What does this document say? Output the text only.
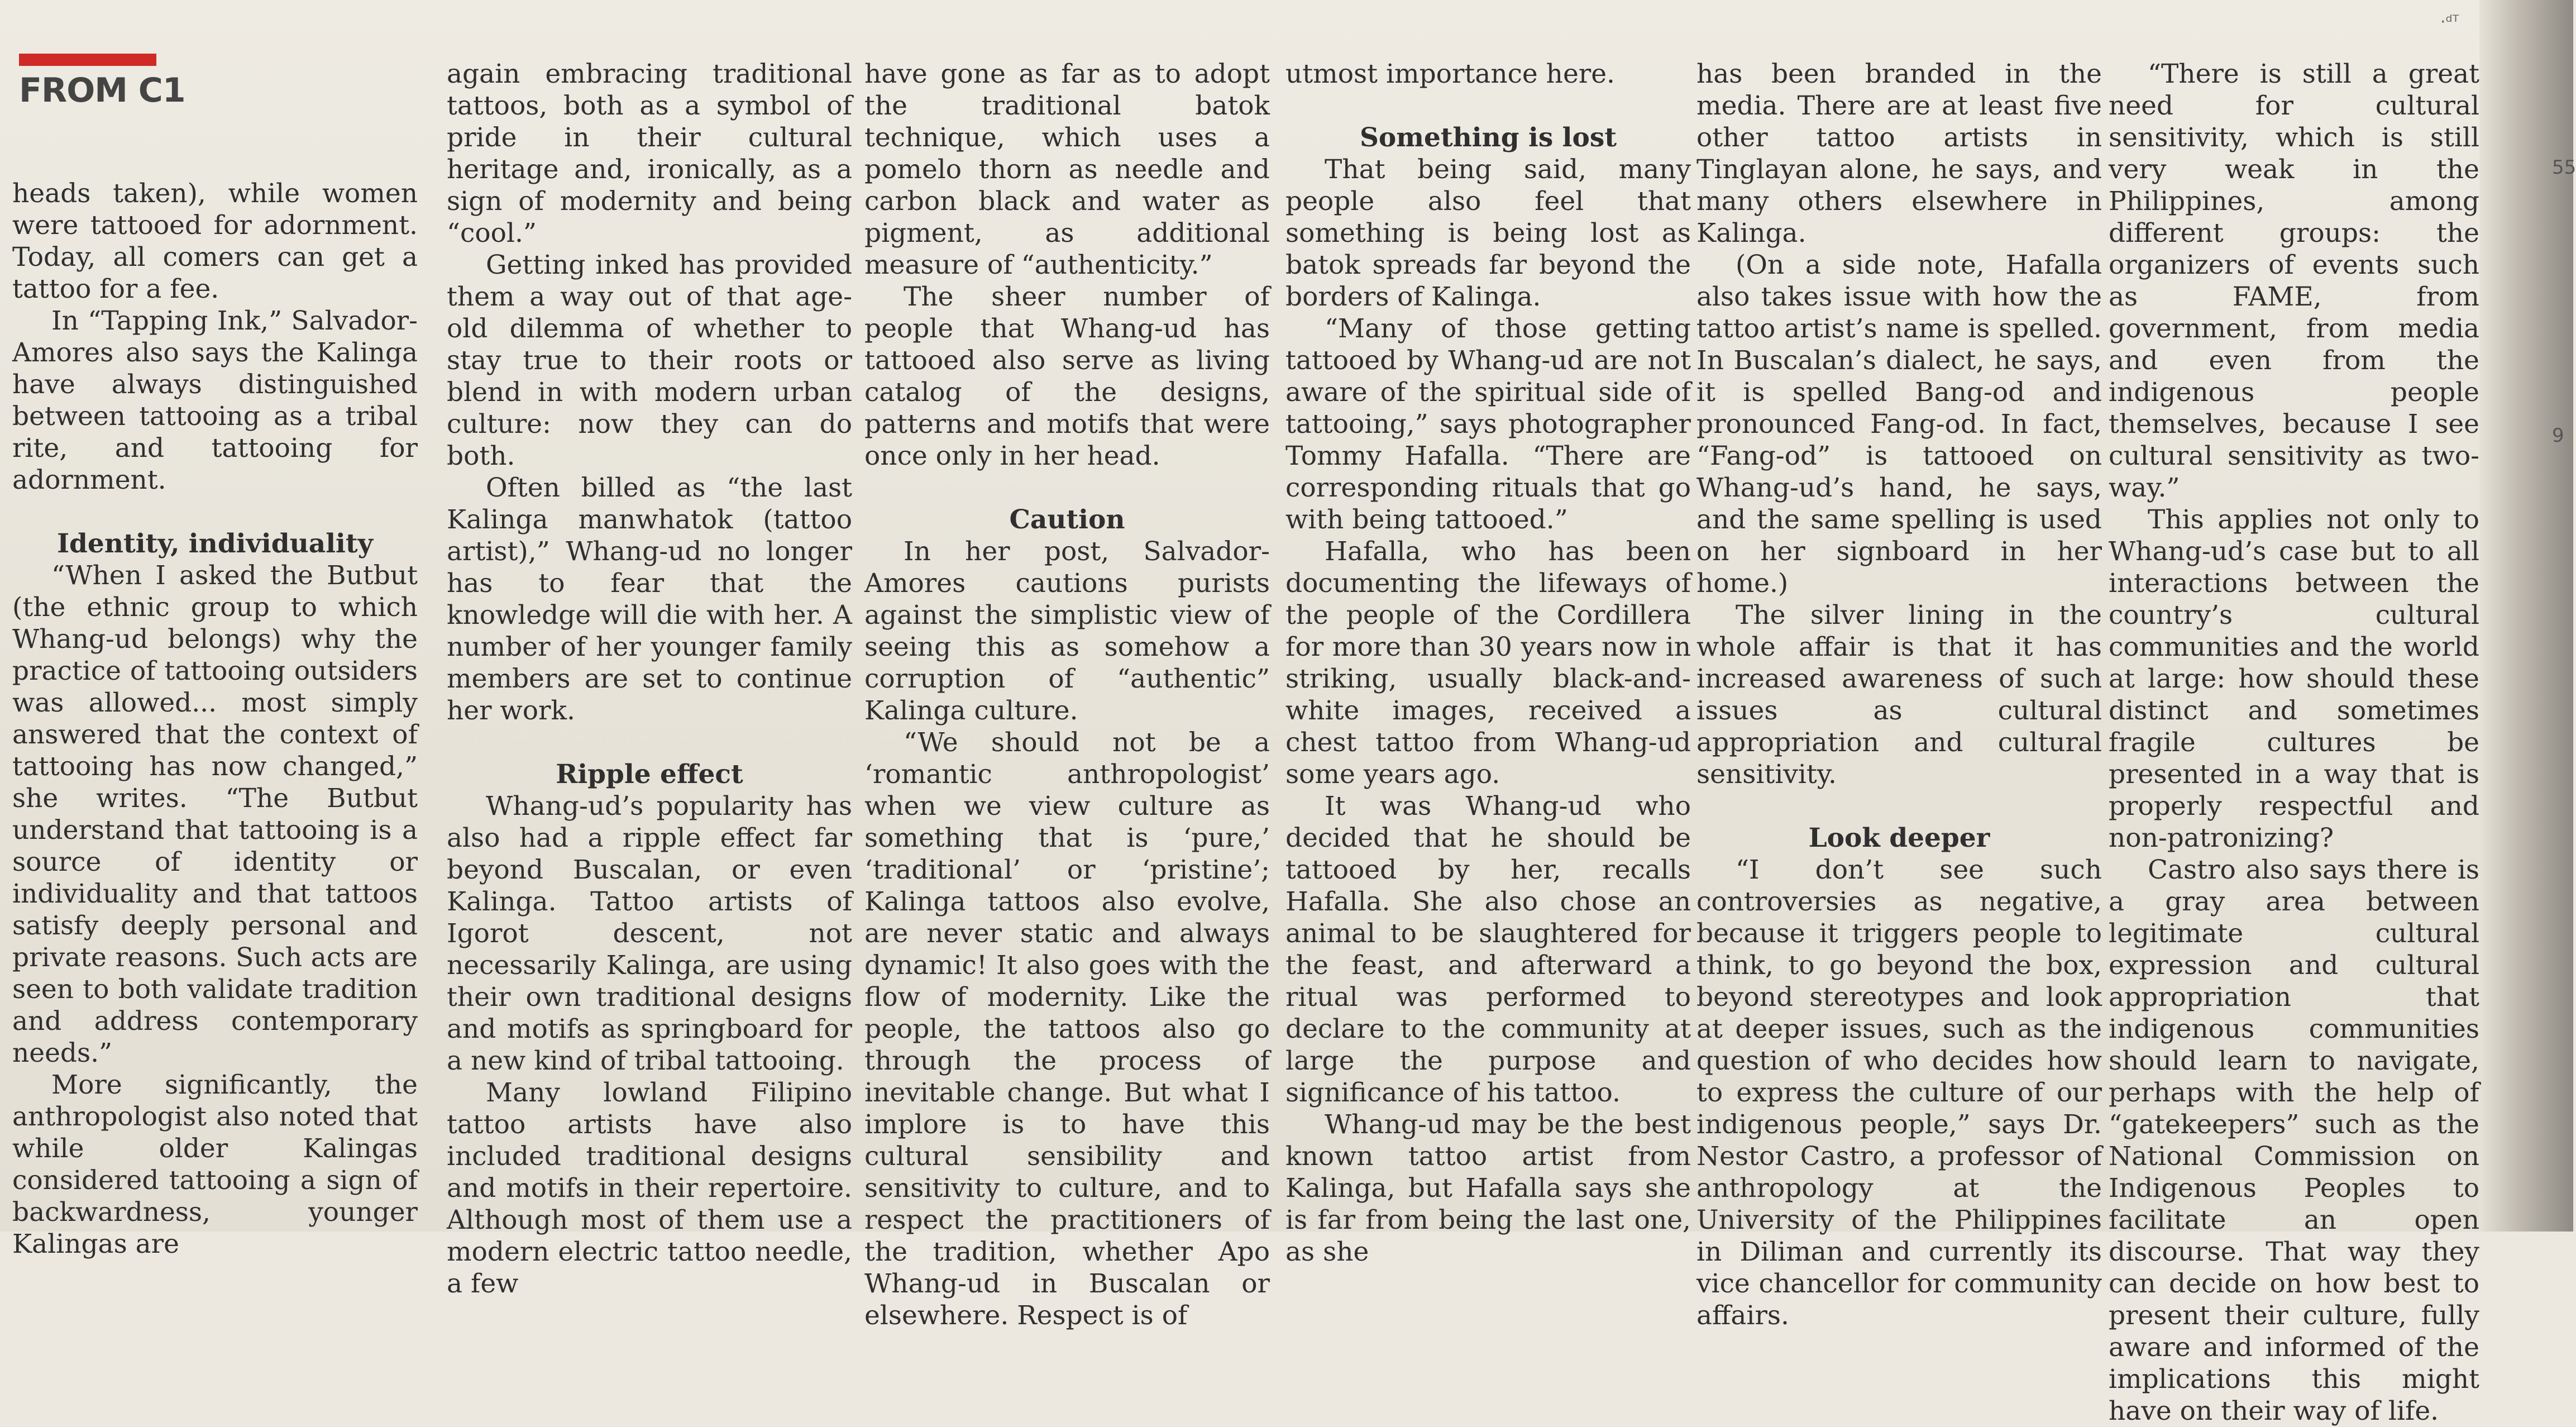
·ᵈᵀ
55
9
FROM C1

heads taken), while women were tattooed for adornment. Today, all comers can get a tattoo for a fee.

In “Tapping Ink,” Salvador-Amores also says the Kalinga have always distinguished between tattooing as a tribal rite, and tattooing for adornment.

Identity, individuality

“When I asked the Butbut (the ethnic group to which Whang-ud belongs) why the practice of tattooing outsiders was allowed... most simply answered that the context of tattooing has now changed,” she writes. “The Butbut understand that tattooing is a source of identity or individuality and that tattoos satisfy deeply personal and private reasons. Such acts are seen to both validate tradition and address contemporary needs.”

More significantly, the anthropologist also noted that while older Kalingas considered tattooing a sign of backwardness, younger Kalingas are

again embracing traditional tattoos, both as a symbol of pride in their cultural heritage and, ironically, as a sign of modernity and being “cool.”

Getting inked has provided them a way out of that age-old dilemma of whether to stay true to their roots or blend in with modern urban culture: now they can do both.

Often billed as “the last Kalinga manwhatok (tattoo artist),” Whang-ud no longer has to fear that the knowledge will die with her. A number of her younger family members are set to continue her work.

Ripple effect

Whang-ud’s popularity has also had a ripple effect far beyond Buscalan, or even Kalinga. Tattoo artists of Igorot descent, not necessarily Kalinga, are using their own traditional designs and motifs as springboard for a new kind of tribal tattooing.

Many lowland Filipino tattoo artists have also included traditional designs and motifs in their repertoire. Although most of them use a modern electric tattoo needle, a few

have gone as far as to adopt the traditional batok technique, which uses a pomelo thorn as needle and carbon black and water as pigment, as additional measure of “authenticity.”

The sheer number of people that Whang-ud has tattooed also serve as living catalog of the designs, patterns and motifs that were once only in her head.

Caution

In her post, Salvador-Amores cautions purists against the simplistic view of seeing this as somehow a corruption of “authentic” Kalinga culture.

“We should not be a ‘romantic anthropologist’ when we view culture as something that is ‘pure,’ ‘traditional’ or ‘pristine’; Kalinga tattoos also evolve, are never static and always dynamic! It also goes with the flow of modernity. Like the people, the tattoos also go through the process of inevitable change. But what I implore is to have this cultural sensibility and sensitivity to culture, and to respect the practitioners of the tradition, whether Apo Whang-ud in Buscalan or elsewhere. Respect is of

utmost importance here.

Something is lost

That being said, many people also feel that something is being lost as batok spreads far beyond the borders of Kalinga.

“Many of those getting tattooed by Whang-ud are not aware of the spiritual side of tattooing,” says photographer Tommy Hafalla. “There are corresponding rituals that go with being tattooed.”

Hafalla, who has been documenting the lifeways of the people of the Cordillera for more than 30 years now in striking, usually black-and-white images, received a chest tattoo from Whang-ud some years ago.

It was Whang-ud who decided that he should be tattooed by her, recalls Hafalla. She also chose an animal to be slaughtered for the feast, and afterward a ritual was performed to declare to the community at large the purpose and significance of his tattoo.

Whang-ud may be the best known tattoo artist from Kalinga, but Hafalla says she is far from being the last one, as she

has been branded in the media. There are at least five other tattoo artists in Tinglayan alone, he says, and many others elsewhere in Kalinga.

(On a side note, Hafalla also takes issue with how the tattoo artist’s name is spelled. In Buscalan’s dialect, he says, it is spelled Bang-od and pronounced Fang-od. In fact, “Fang-od” is tattooed on Whang-ud’s hand, he says, and the same spelling is used on her signboard in her home.)

The silver lining in the whole affair is that it has increased awareness of such issues as cultural appropriation and cultural sensitivity.

Look deeper

“I don’t see such controversies as negative, because it triggers people to think, to go beyond the box, beyond stereotypes and look at deeper issues, such as the question of who decides how to express the culture of our indigenous people,” says Dr. Nestor Castro, a professor of anthropology at the University of the Philippines in Diliman and currently its vice chancellor for community affairs.

“There is still a great need for cultural sensitivity, which is still very weak in the Philippines, among different groups: the organizers of events such as FAME, from government, from media and even from the indigenous people themselves, because I see cultural sensitivity as two-way.”

This applies not only to Whang-ud’s case but to all interactions between the country’s cultural communities and the world at large: how should these distinct and sometimes fragile cultures be presented in a way that is properly respectful and non-patronizing?

Castro also says there is a gray area between legitimate cultural expression and cultural appropriation that indigenous communities should learn to navigate, perhaps with the help of “gatekeepers” such as the National Commission on Indigenous Peoples to facilitate an open discourse. That way they can decide on how best to present their culture, fully aware and informed of the implications this might have on their way of life.
